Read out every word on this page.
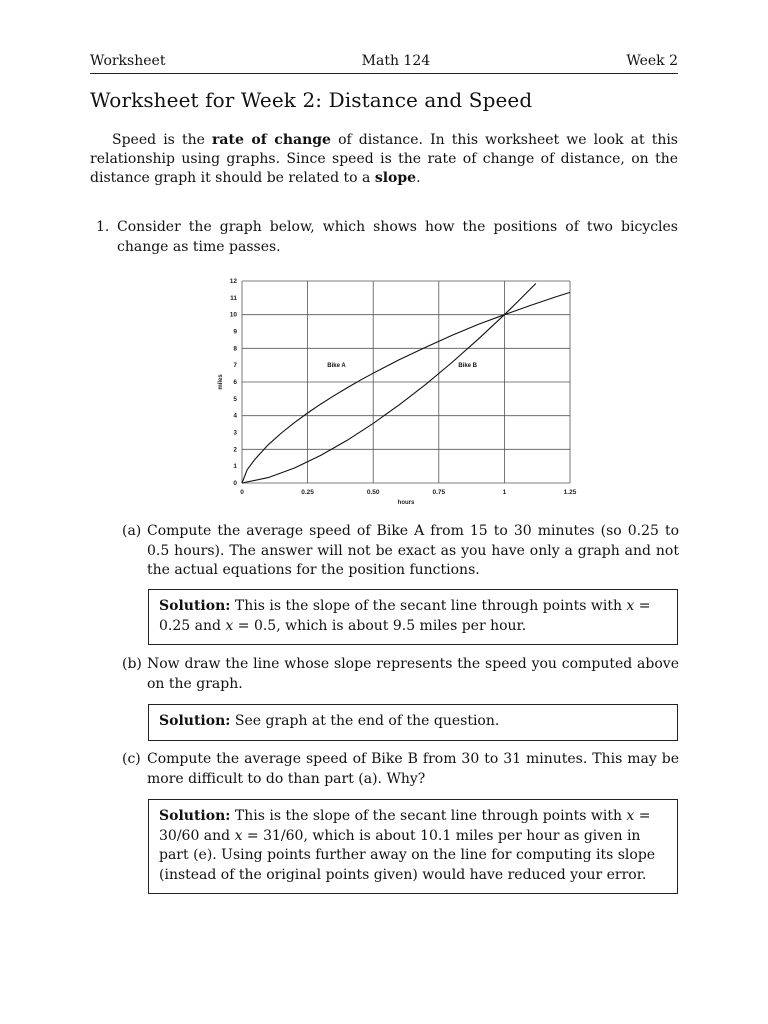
Worksheet	Math 124	Week 2
Worksheet for Week 2: Distance and Speed

Speed is the rate of change of distance. In this worksheet we look at this relationship using graphs. Since speed is the rate of change of distance, on the distance graph it should be related to a slope.

1. Consider the graph below, which shows how the positions of two bicycles change as time passes.
0
1
2
3
4
5
6
7
8
9
10
11
12
0	0.25	0.50	0.75	1	1.25
Bike A	Bike B
hours
miles
(a) Compute the average speed of Bike A from 15 to 30 minutes (so 0.25 to 0.5 hours). The answer will not be exact as you have only a graph and not the actual equations for the position functions.
Solution: This is the slope of the secant line through points with x = 0.25 and x = 0.5, which is about 9.5 miles per hour.
(b) Now draw the line whose slope represents the speed you computed above on the graph.
Solution: See graph at the end of the question.
(c) Compute the average speed of Bike B from 30 to 31 minutes. This may be more difficult to do than part (a). Why?
Solution: This is the slope of the secant line through points with x = 30/60 and x = 31/60, which is about 10.1 miles per hour as given in part (e). Using points further away on the line for computing its slope (instead of the original points given) would have reduced your error.
